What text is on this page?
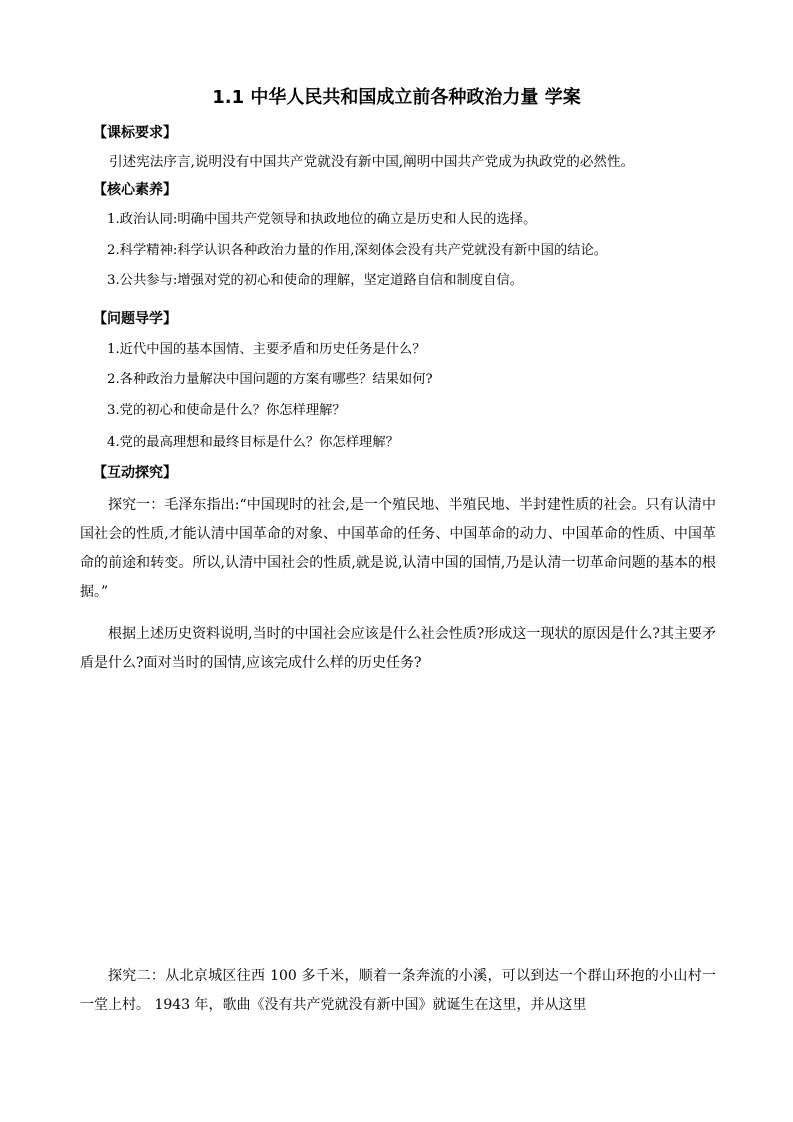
1.1 中华人民共和国成立前各种政治力量 学案
【课标要求】
引述宪法序言,说明没有中国共产党就没有新中国,阐明中国共产党成为执政党的必然性。
【核心素养】
1.政治认同:明确中国共产党领导和执政地位的确立是历史和人民的选择。
2.科学精神:科学认识各种政治力量的作用,深刻体会没有共产党就没有新中国的结论。
3.公共参与:增强对党的初心和使命的理解，坚定道路自信和制度自信。
【问题导学】
1.近代中国的基本国情、主要矛盾和历史任务是什么？
2.各种政治力量解决中国问题的方案有哪些？结果如何?
3.党的初心和使命是什么？你怎样理解？
4.党的最高理想和最终目标是什么？你怎样理解？
【互动探究】
探究一：毛泽东指出:“中国现时的社会,是一个殖民地、半殖民地、半封建性质的社会。只有认清中国社会的性质,才能认清中国革命的对象、中国革命的任务、中国革命的动力、中国革命的性质、中国革命的前途和转变。所以,认清中国社会的性质,就是说,认清中国的国情,乃是认清一切革命问题的基本的根据。”
根据上述历史资料说明,当时的中国社会应该是什么社会性质?形成这一现状的原因是什么?其主要矛盾是什么?面对当时的国情,应该完成什么样的历史任务?
探究二：从北京城区往西 100 多千米，顺着一条奔流的小溪，可以到达一个群山环抱的小山村一一堂上村。 1943 年，歌曲《没有共产党就没有新中国》就诞生在这里，并从这里
